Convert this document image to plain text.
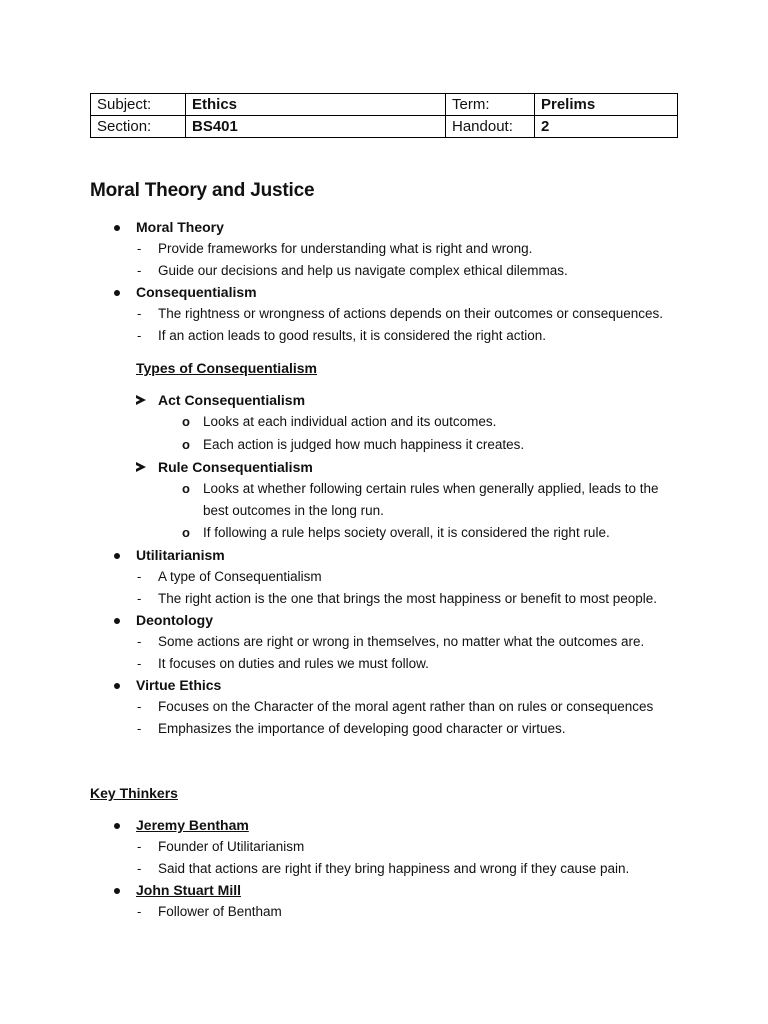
Subject:	Ethics	Term:	Prelims
Section:	BS401	Handout:	2
Moral Theory and Justice
Moral Theory
- Provide frameworks for understanding what is right and wrong.
- Guide our decisions and help us navigate complex ethical dilemmas.
Consequentialism
- The rightness or wrongness of actions depends on their outcomes or consequences.
- If an action leads to good results, it is considered the right action.
Types of Consequentialism
Act Consequentialism
o Looks at each individual action and its outcomes.
o Each action is judged how much happiness it creates.
Rule Consequentialism
o Looks at whether following certain rules when generally applied, leads to the
best outcomes in the long run.
o If following a rule helps society overall, it is considered the right rule.
Utilitarianism
- A type of Consequentialism
- The right action is the one that brings the most happiness or benefit to most people.
Deontology
- Some actions are right or wrong in themselves, no matter what the outcomes are.
- It focuses on duties and rules we must follow.
Virtue Ethics
- Focuses on the Character of the moral agent rather than on rules or consequences
- Emphasizes the importance of developing good character or virtues.
Key Thinkers
Jeremy Bentham
- Founder of Utilitarianism
- Said that actions are right if they bring happiness and wrong if they cause pain.
John Stuart Mill
- Follower of Bentham
